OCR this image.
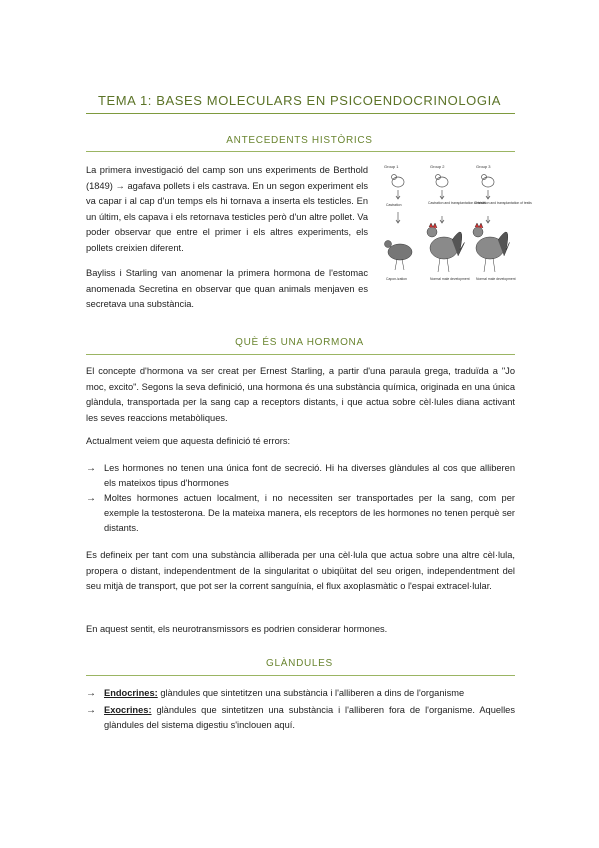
TEMA 1: BASES MOLECULARS EN PSICOENDOCRINOLOGIA
ANTECEDENTS HISTÒRICS

La primera investigació del camp son uns experiments de Berthold (1849) → agafava pollets i els castrava. En un segon experiment els va capar i al cap d'un temps els hi tornava a inserta els testicles. En un últim, els capava i els retornava testicles però d'un altre pollet. Va poder observar que entre el primer i els altres experiments, els pollets creixien diferent.

Bayliss i Starling van anomenar la primera hormona de l'estomac anomenada Secretina en observar que quan animals menjaven es secretava una substància.

Group 1	Group 2	Group 3
Castration	Castration and transplantation of testis
Castration and transplantation of testis
Capon-ization	Normal male development Normal male development
QUÈ ÉS UNA HORMONA

El concepte d'hormona va ser creat per Ernest Starling, a partir d'una paraula grega, traduïda a "Jo moc, excito". Segons la seva definició, una hormona és una substància química, originada en una única glàndula, transportada per la sang cap a receptors distants, i que actua sobre cèl·lules diana activant les seves reaccions metabòliques.

Actualment veiem que aquesta definició té errors:

→ Les hormones no tenen una única font de secreció. Hi ha diverses glàndules al cos que alliberen els mateixos tipus d'hormones

→ Moltes hormones actuen localment, i no necessiten ser transportades per la sang, com per exemple la testosterona. De la mateixa manera, els receptors de les hormones no tenen perquè ser distants.

Es defineix per tant com una substància alliberada per una cèl·lula que actua sobre una altre cèl·lula, propera o distant, independentment de la singularitat o ubiqüitat del seu origen, independentment del seu mitjà de transport, que pot ser la corrent sanguínia, el flux axoplasmàtic o l'espai extracel·lular.

En aquest sentit, els neurotransmissors es podrien considerar hormones.

GLÀNDULES
→ Endocrines: glàndules que sintetitzen una substància i l'alliberen a dins de l'organisme

→ Exocrines: glàndules que sintetitzen una substància i l'alliberen fora de l'organisme. Aquelles glàndules del sistema digestiu s'inclouen aquí.
